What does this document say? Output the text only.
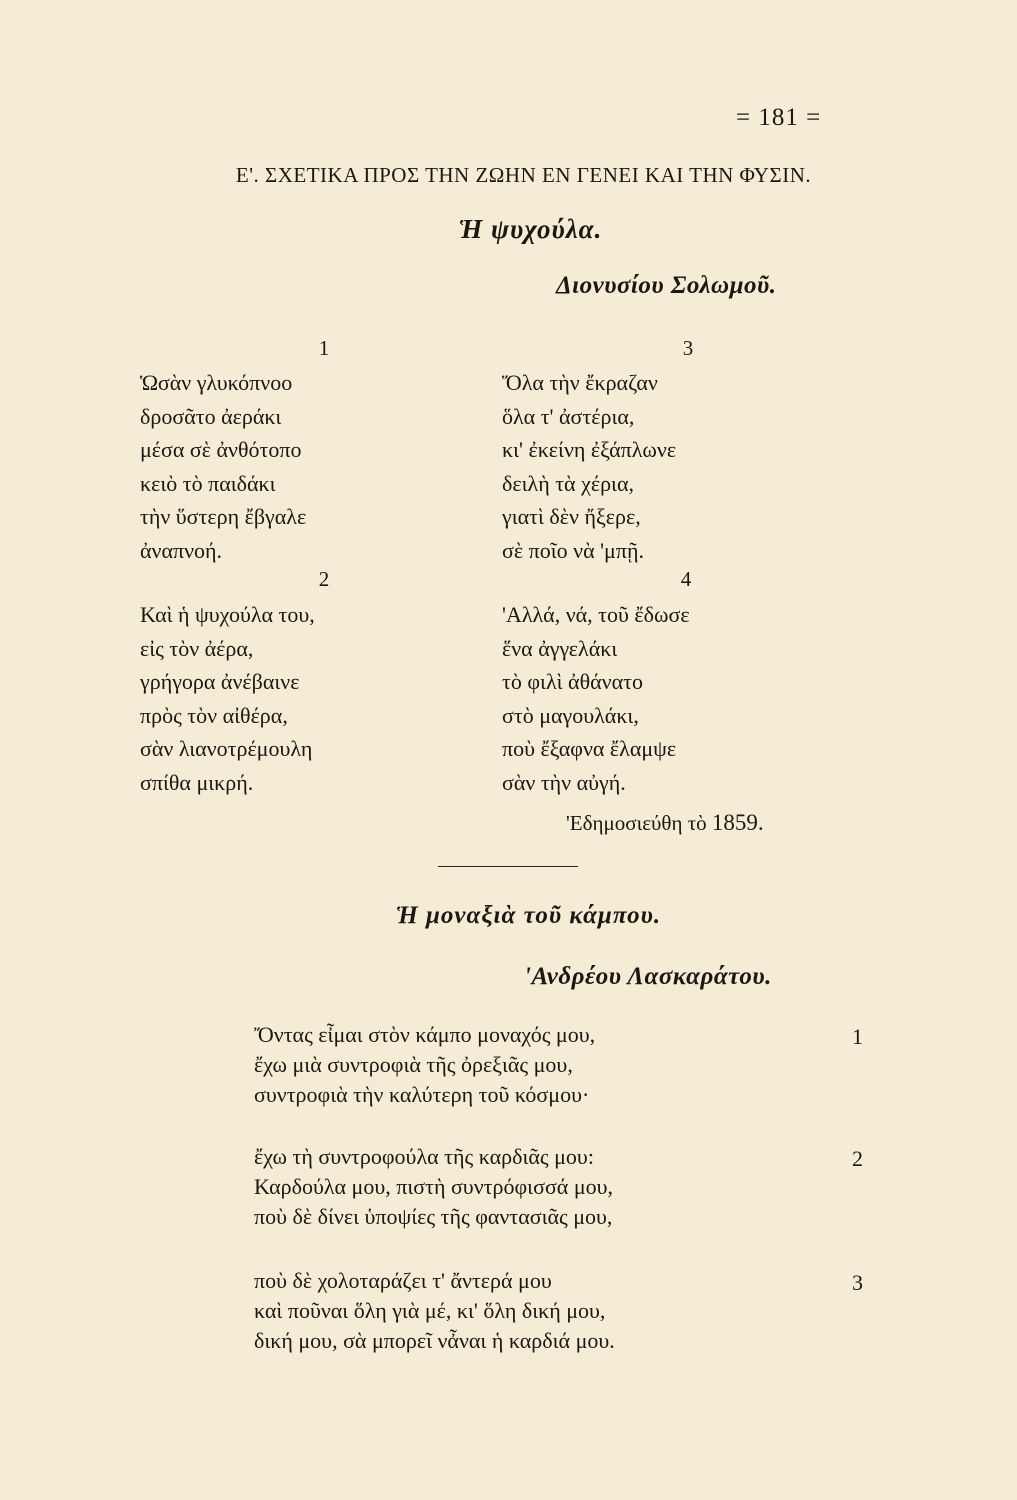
= 181 =
Ε'. ΣΧΕΤΙΚΑ ΠΡΟΣ ΤΗΝ ΖΩΗΝ ΕΝ ΓΕΝΕΙ ΚΑΙ ΤΗΝ ΦΥΣΙΝ.
Ἡ ψυχούλα.
Διονυσίου Σολωμοῦ.
1
Ὡσὰν γλυκόπνοο
δροσᾶτο ἀεράκι
μέσα σὲ ἀνθότοπο
κειὸ τὸ παιδάκι
τὴν ὕστερη ἔβγαλε
ἀναπνοή.
2
Καὶ ἡ ψυχούλα του,
εἰς τὸν ἀέρα,
γρήγορα ἀνέβαινε
πρὸς τὸν αἰθέρα,
σὰν λιανοτρέμουλη
σπίθα μικρή.
3
Ὅλα τὴν ἔκραζαν
ὅλα τ' ἀστέρια,
κι' ἐκείνη ἐξάπλωνε
δειλὴ τὰ χέρια,
γιατὶ δὲν ἤξερε,
σὲ ποῖο νὰ 'μπῇ.
4
'Αλλά, νά, τοῦ ἔδωσε
ἕνα ἀγγελάκι
τὸ φιλὶ ἀθάνατο
στὸ μαγουλάκι,
ποὺ ἔξαφνα ἔλαμψε
σὰν τὴν αὐγή.
'Εδημοσιεύθη τὸ 1859.
Ἡ μοναξιὰ τοῦ κάμπου.
'Ανδρέου Λασκαράτου.
Ὄντας εἶμαι στὸν κάμπο μοναχός μου,
ἔχω μιὰ συντροφιὰ τῆς ὀρεξιᾶς μου,
συντροφιὰ τὴν καλύτερη τοῦ κόσμου·
1
ἔχω τὴ συντροφούλα τῆς καρδιᾶς μου:
Καρδούλα μου, πιστὴ συντρόφισσά μου,
ποὺ δὲ δίνει ὑποψίες τῆς φαντασιᾶς μου,
2
ποὺ δὲ χολοταράζει τ' ἄντερά μου
καὶ ποῦναι ὅλη γιὰ μέ, κι' ὅλη δική μου,
δική μου, σὰ μπορεῖ νἆναι ἡ καρδιά μου.
3
